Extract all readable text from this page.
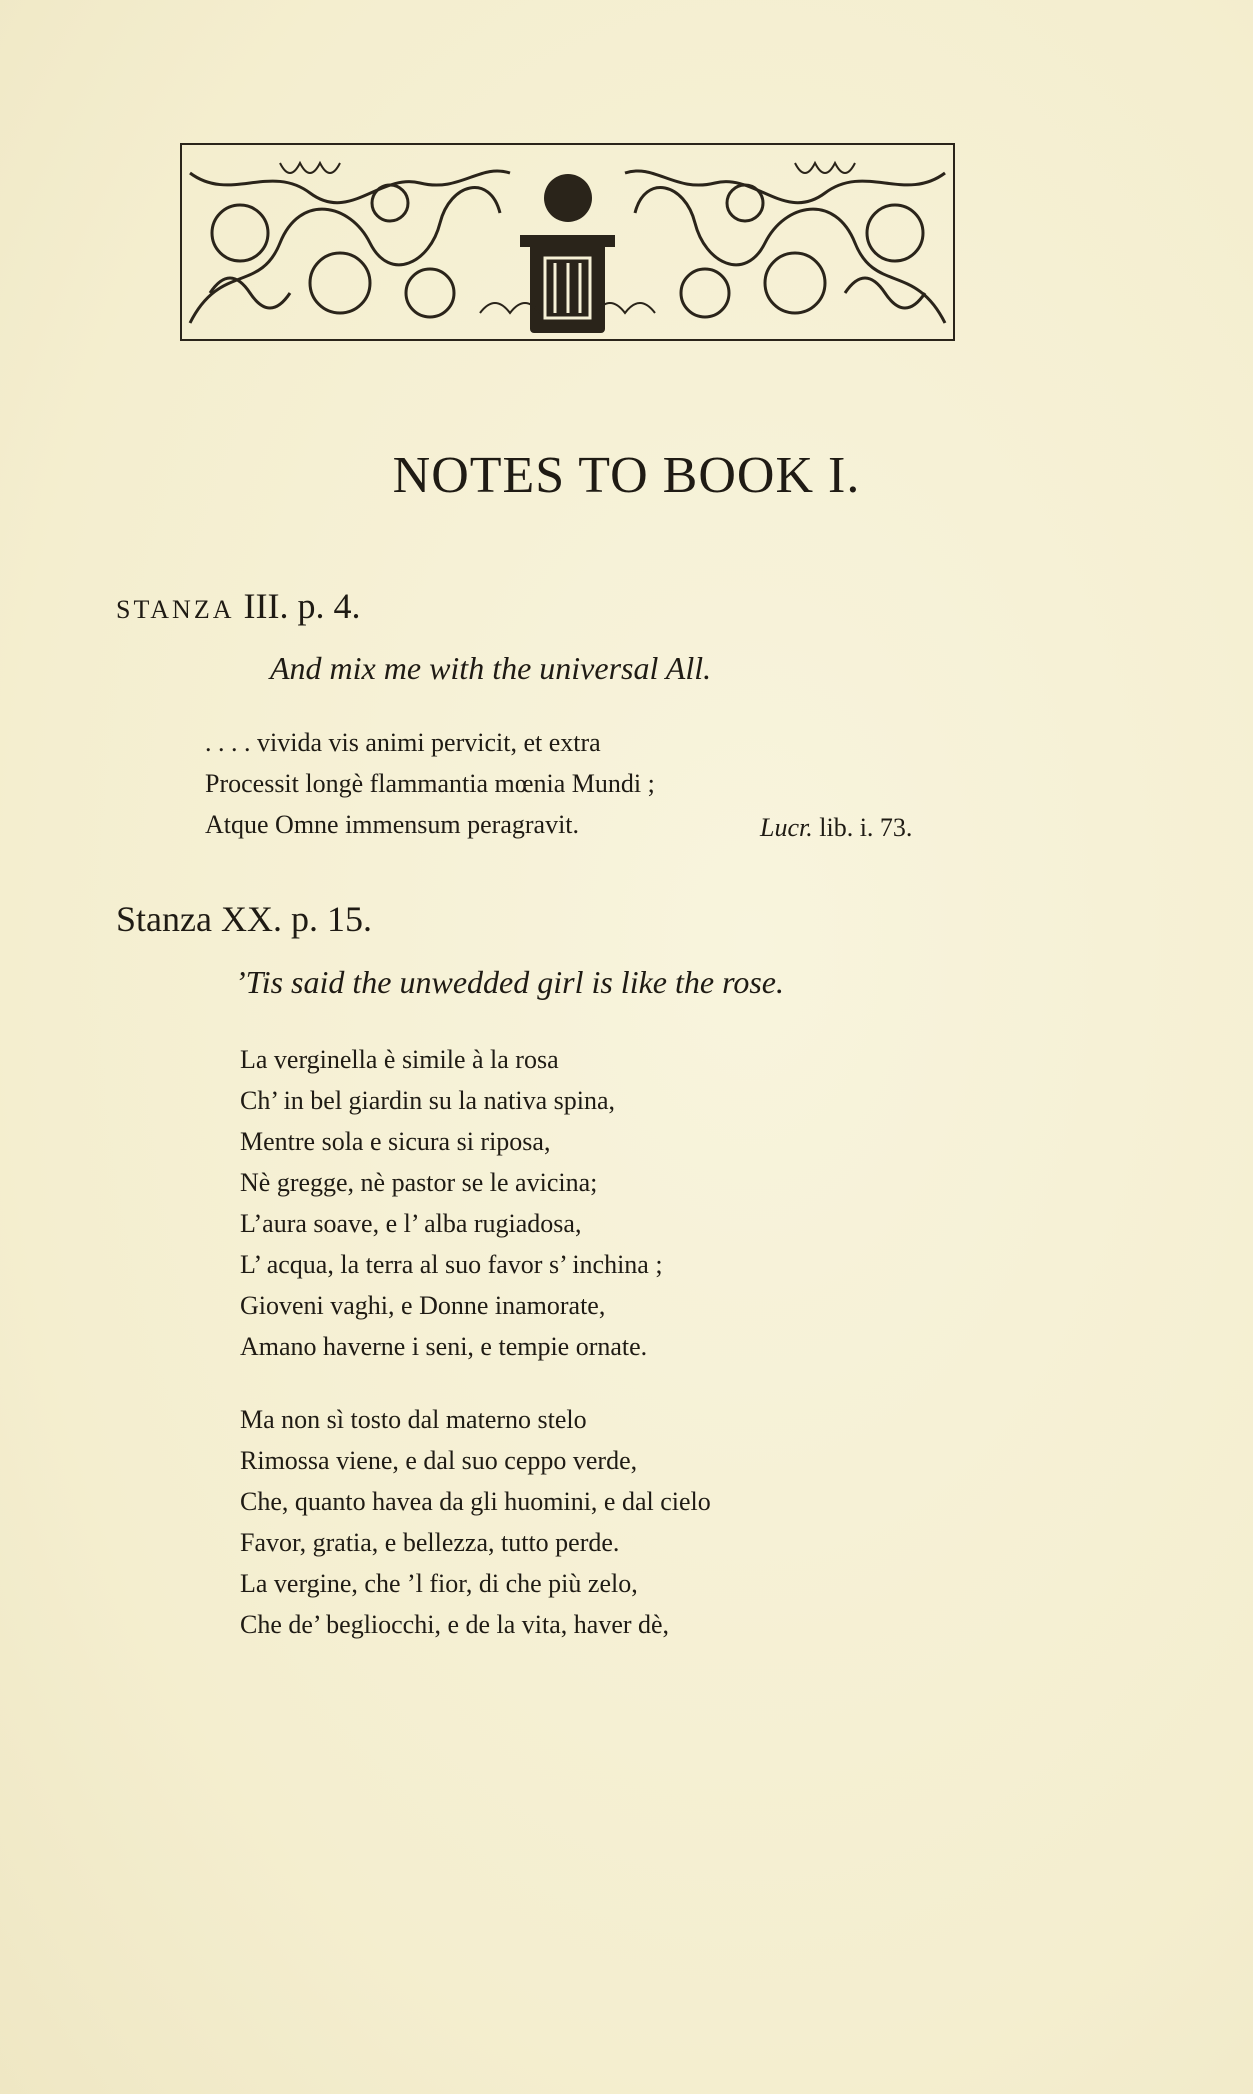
NOTES TO BOOK I.
STANZA III. p. 4.
And mix me with the universal All.
. . . . vivida vis animi pervicit, et extra
Processit longè flammantia mœnia Mundi ;
Atque Omne immensum peragravit.	Lucr. lib. i. 73.
Stanza XX. p. 15.
’Tis said the unwedded girl is like the rose.
La verginella è simile à la rosa
Ch’ in bel giardin su la nativa spina,
Mentre sola e sicura si riposa,
Nè gregge, nè pastor se le avicina;
L’aura soave, e l’ alba rugiadosa,
L’ acqua, la terra al suo favor s’ inchina ;
Gioveni vaghi, e Donne inamorate,
Amano haverne i seni, e tempie ornate.
Ma non sì tosto dal materno stelo
Rimossa viene, e dal suo ceppo verde,
Che, quanto havea da gli huomini, e dal cielo
Favor, gratia, e bellezza, tutto perde.
La vergine, che ’l fior, di che più zelo,
Che de’ begliocchi, e de la vita, haver dè,
